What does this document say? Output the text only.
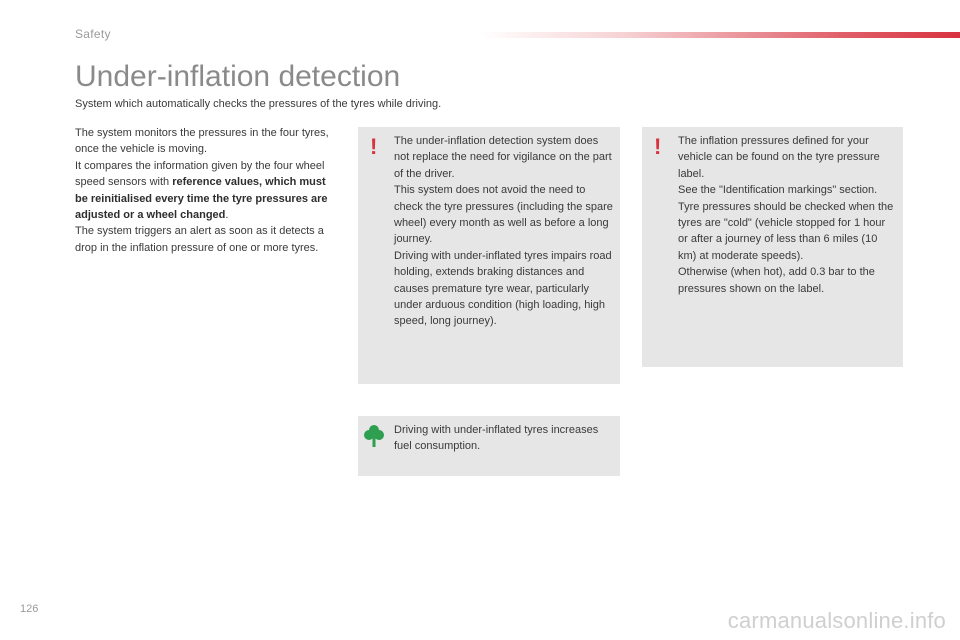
Safety
Under-inflation detection
System which automatically checks the pressures of the tyres while driving.

The system monitors the pressures in the four tyres, once the vehicle is moving.

It compares the information given by the four wheel speed sensors with reference values, which must be reinitialised every time the tyre pressures are adjusted or a wheel changed.

The system triggers an alert as soon as it detects a drop in the inflation pressure of one or more tyres.

! The under-inflation detection system does not replace the need for vigilance on the part of the driver.

This system does not avoid the need to check the tyre pressures (including the spare wheel) every month as well as before a long journey.

Driving with under-inflated tyres impairs road holding, extends braking distances and causes premature tyre wear, particularly under arduous condition (high loading, high speed, long journey).

! The inflation pressures defined for your vehicle can be found on the tyre pressure label.

See the "Identification markings" section.

Tyre pressures should be checked when the tyres are "cold" (vehicle stopped for 1 hour or after a journey of less than 6 miles (10 km) at moderate speeds).

Otherwise (when hot), add 0.3 bar to the pressures shown on the label.

Driving with under-inflated tyres increases fuel consumption.

126	carmanualsonline.info
